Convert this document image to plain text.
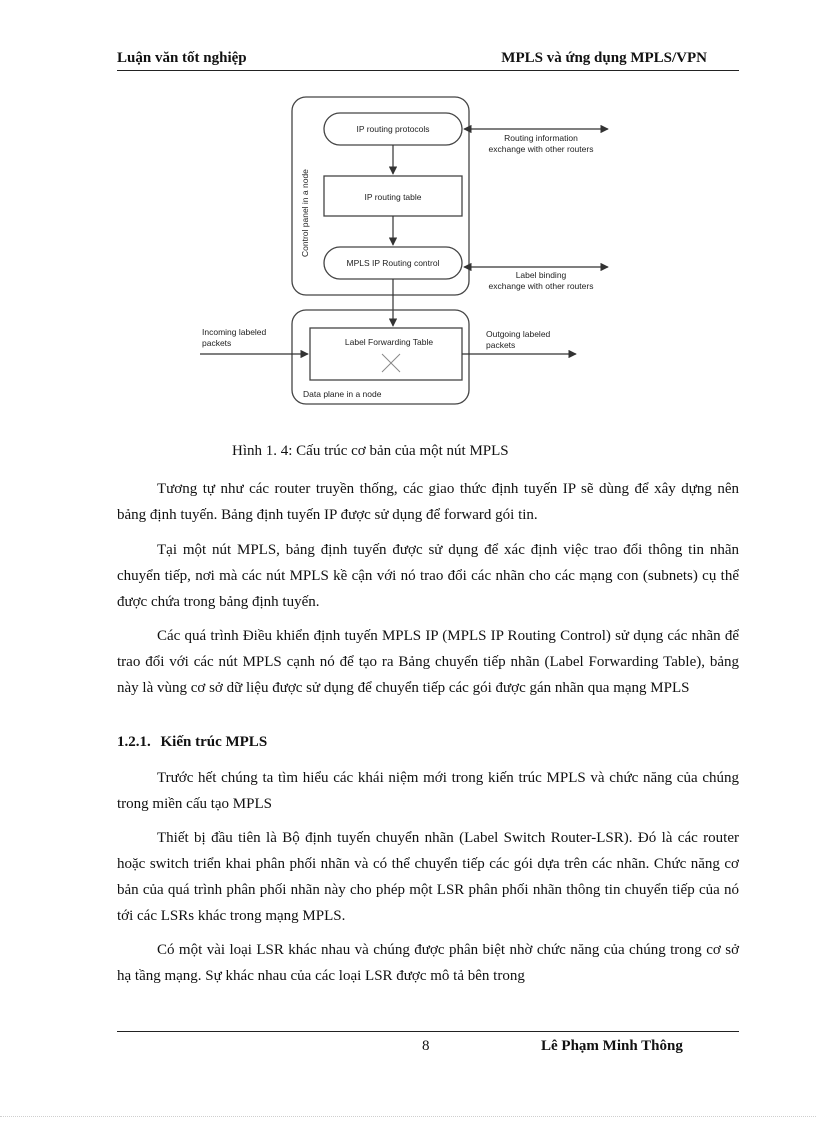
Luận văn tốt nghiệp	MPLS và ứng dụng MPLS/VPN
Control panel in a node
IP routing protocols
IP routing table
MPLS IP Routing control
Routing information
exchange with other routers
Label binding
exchange with other routers
Data plane in a node
Label Forwarding Table
Incoming labeled
packets
Outgoing labeled
packets
Hình 1. 4: Cấu trúc cơ bản của một nút MPLS

Tương tự như các router truyền thống, các giao thức định tuyến IP sẽ dùng để xây dựng nên bảng định tuyến. Bảng định tuyến IP được sử dụng để forward gói tin.

Tại một nút MPLS, bảng định tuyến được sử dụng để xác định việc trao đổi thông tin nhãn chuyển tiếp, nơi mà các nút MPLS kề cận với nó trao đổi các nhãn cho các mạng con (subnets) cụ thể được chứa trong bảng định tuyến.

Các quá trình Điều khiển định tuyến MPLS IP (MPLS IP Routing Control) sử dụng các nhãn để trao đổi với các nút MPLS cạnh nó để tạo ra Bảng chuyển tiếp nhãn (Label Forwarding Table), bảng này là vùng cơ sở dữ liệu được sử dụng để chuyển tiếp các gói được gán nhãn qua mạng MPLS

1.2.1. Kiến trúc MPLS

Trước hết chúng ta tìm hiểu các khái niệm mới trong kiến trúc MPLS và chức năng của chúng trong miền cấu tạo MPLS

Thiết bị đầu tiên là Bộ định tuyến chuyển nhãn (Label Switch Router-LSR). Đó là các router hoặc switch triển khai phân phối nhãn và có thể chuyển tiếp các gói dựa trên các nhãn. Chức năng cơ bản của quá trình phân phối nhãn này cho phép một LSR phân phối nhãn thông tin chuyển tiếp của nó tới các LSRs khác trong mạng MPLS.

Có một vài loại LSR khác nhau và chúng được phân biệt nhờ chức năng của chúng trong cơ sở hạ tầng mạng. Sự khác nhau của các loại LSR được mô tả bên trong

8	Lê Phạm Minh Thông
